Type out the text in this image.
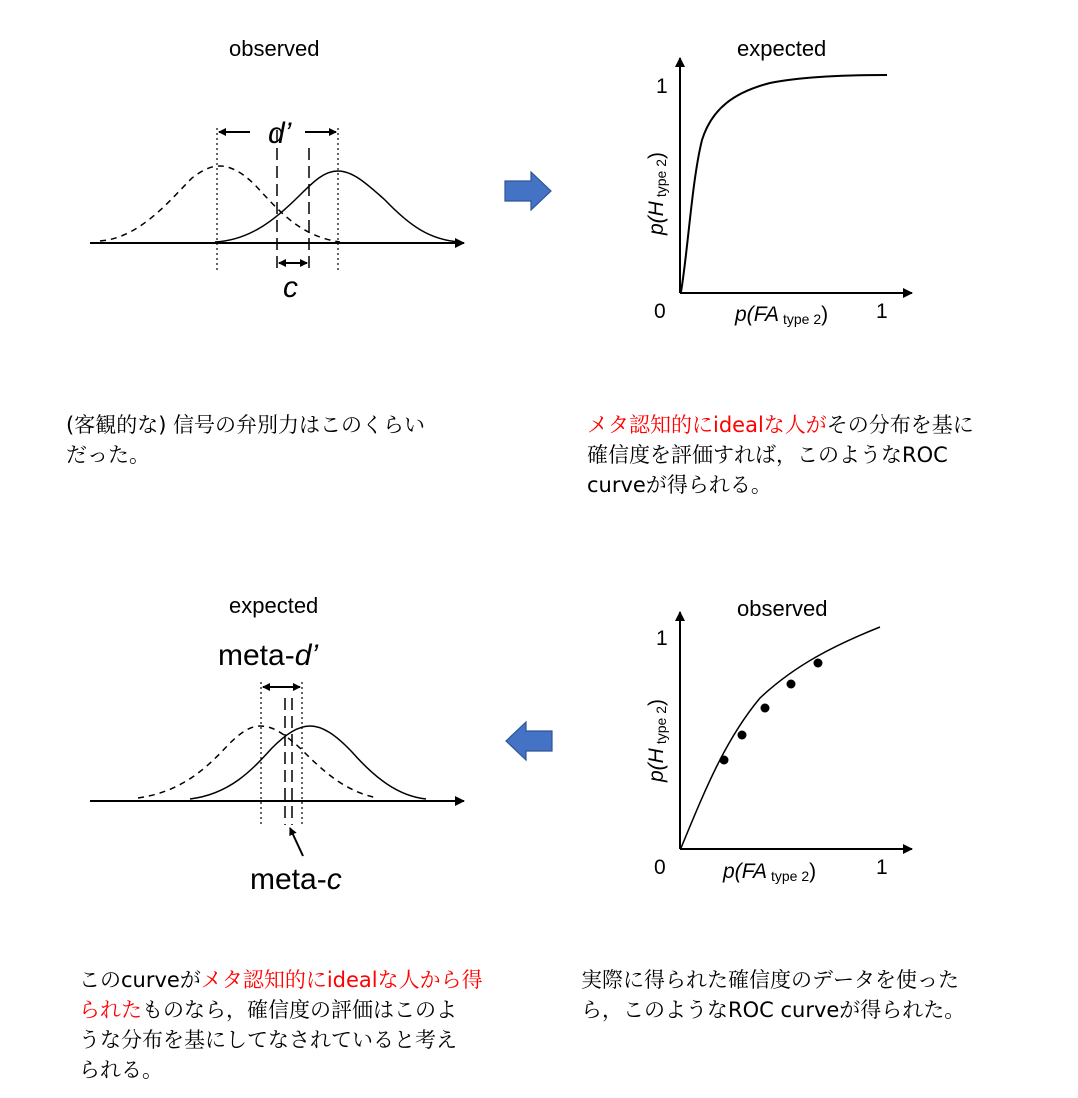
observed	expected
expected	observed
d’
c
1
0	1
p(FA type 2)
p(Htype 2)
meta-d’
meta-c
1
0	1
p(FA type 2)
p(Htype 2)
(客観的な) 信号の弁別力はこのくらい
だった。
メタ認知的にidealな人がその分布を基に
確信度を評価すれば，このようなROC
curveが得られる。
このcurveがメタ認知的にidealな人から得
られたものなら，確信度の評価はこのよ
うな分布を基にしてなされていると考え
られる。
実際に得られた確信度のデータを使った
ら，このようなROC curveが得られた。
